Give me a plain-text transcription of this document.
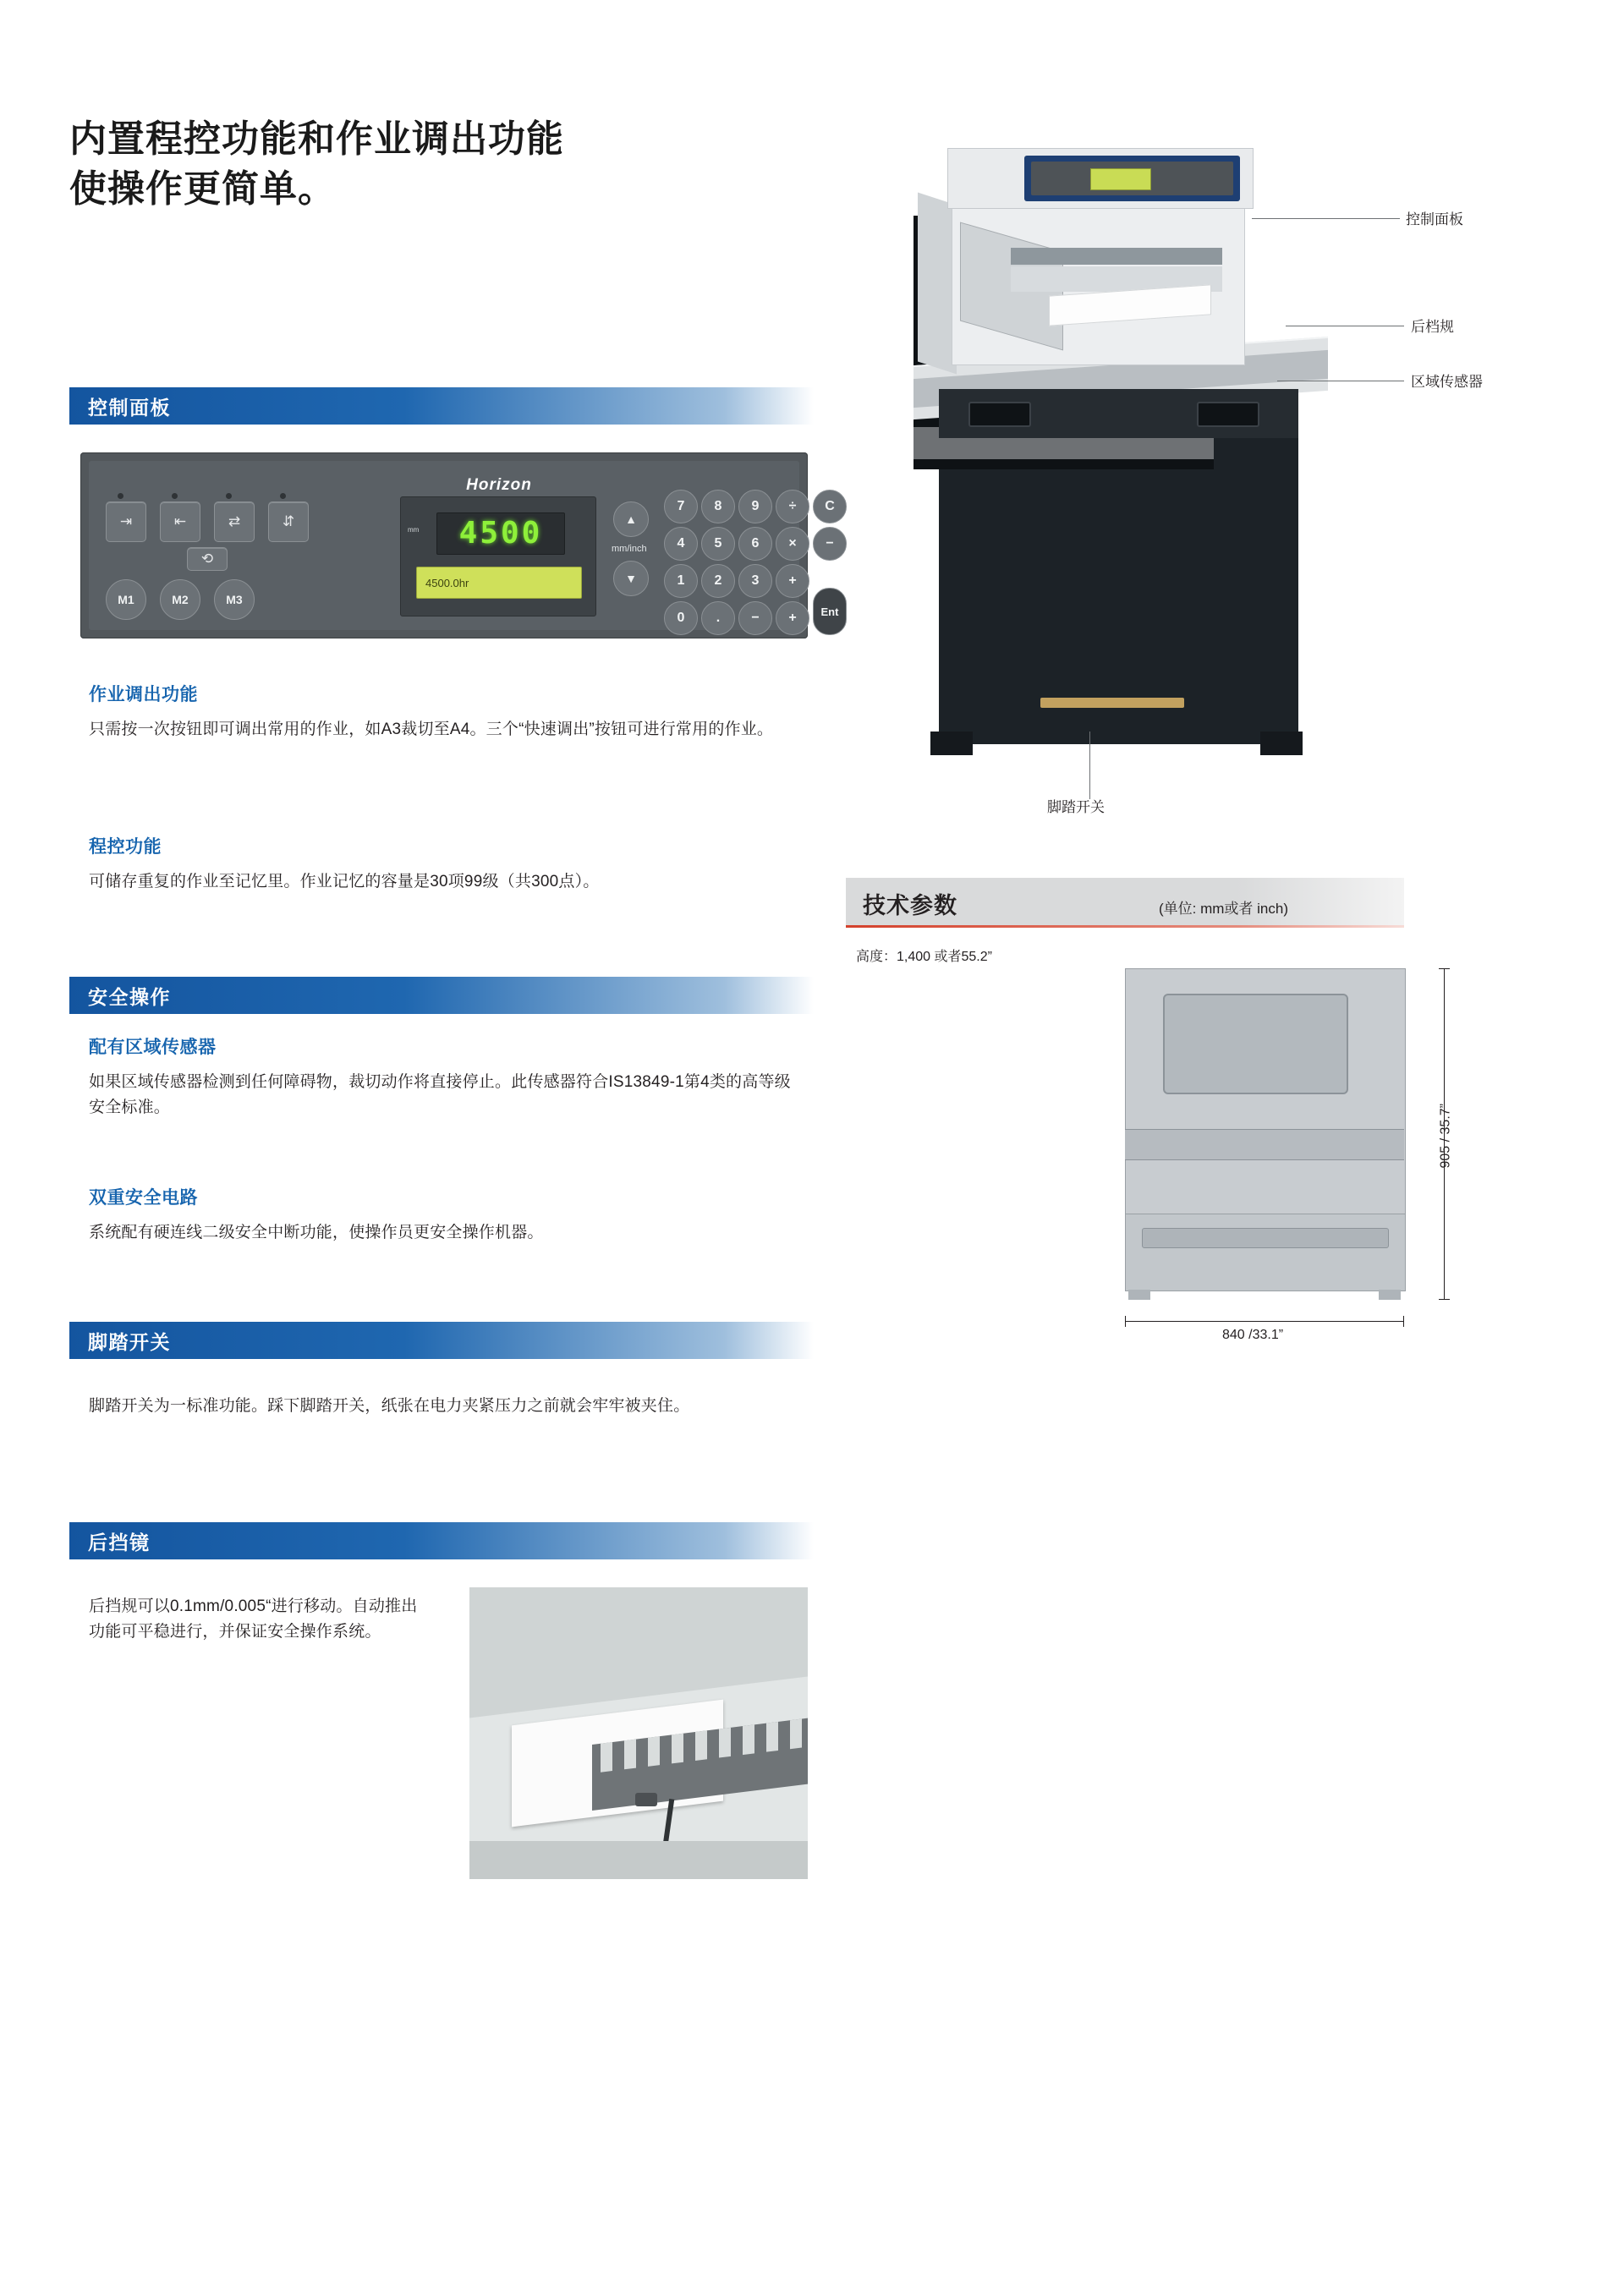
内置程控功能和作业调出功能
使操作更简单。
控制面板
Horizon
⇥	⇤	⇄	⇵
⟲
M1	M2	M3
mm	4500
4500.0hr
▲
mm/inch
▼
7	8	9	÷	C
4	5	6	×	−
1	2	3	+
0	.	−	+	Ent
作业调出功能
只需按一次按钮即可调出常用的作业，如A3裁切至A4。三个“快速调出”按钮可进行常用的作业。
程控功能
可储存重复的作业至记忆里。作业记忆的容量是30项99级（共300点）。
安全操作
配有区域传感器
如果区域传感器检测到任何障碍物，裁切动作将直接停止。此传感器符合IS13849-1第4类的高等级安全标准。
双重安全电路
系统配有硬连线二级安全中断功能，使操作员更安全操作机器。
脚踏开关
脚踏开关为一标准功能。踩下脚踏开关，纸张在电力夹紧压力之前就会牢牢被夹住。
后挡镜
后挡规可以0.1mm/0.005“进行移动。自动推出功能可平稳进行，并保证安全操作系统。
控制面板
后档规
区域传感器
脚踏开关
技术参数	(单位: mm或者 inch)
高度：1,400 或者55.2”
905 / 35.7”
840 /33.1”
